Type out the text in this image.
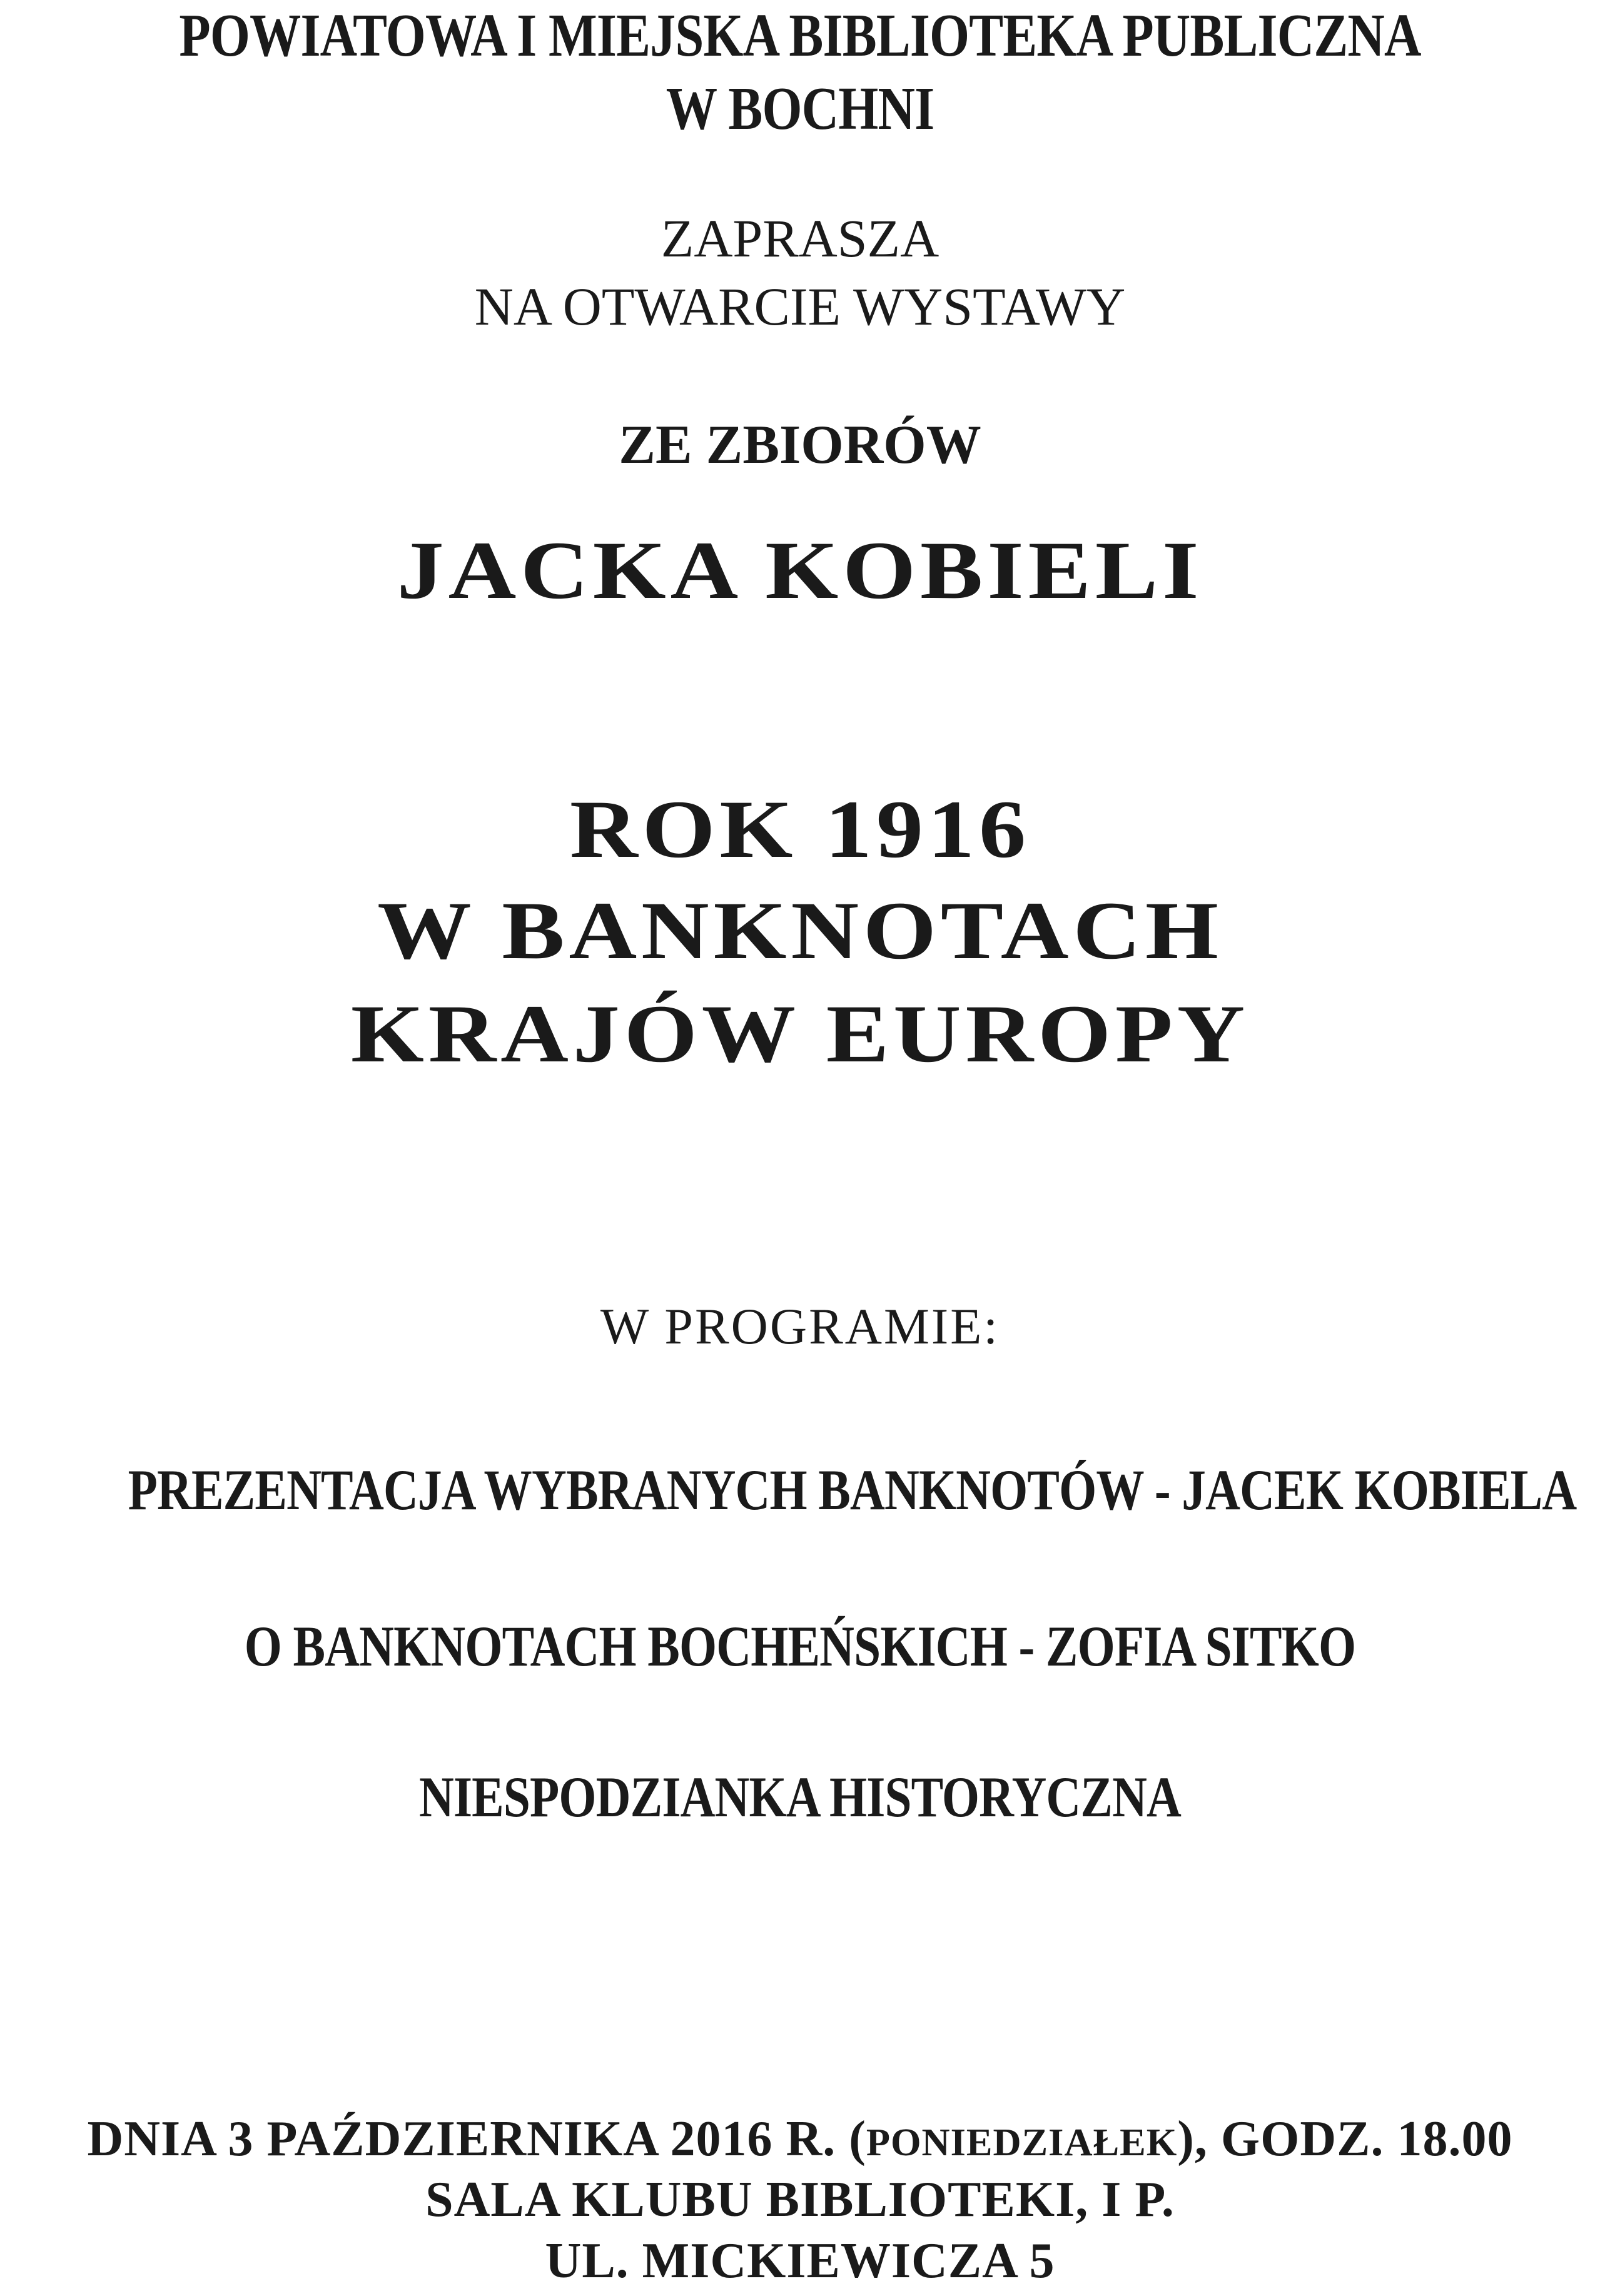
POWIATOWA I MIEJSKA BIBLIOTEKA PUBLICZNA
W BOCHNI
ZAPRASZA
NA OTWARCIE WYSTAWY
ZE ZBIORÓW
JACKA KOBIELI
ROK 1916
W BANKNOTACH
KRAJÓW EUROPY
W PROGRAMIE:
PREZENTACJA WYBRANYCH BANKNOTÓW - JACEK KOBIELA
O BANKNOTACH BOCHEŃSKICH - ZOFIA SITKO
NIESPODZIANKA HISTORYCZNA
DNIA 3 PAŹDZIERNIKA 2016 R. (PONIEDZIAŁEK), GODZ. 18.00
SALA KLUBU BIBLIOTEKI, I P.
UL. MICKIEWICZA 5
